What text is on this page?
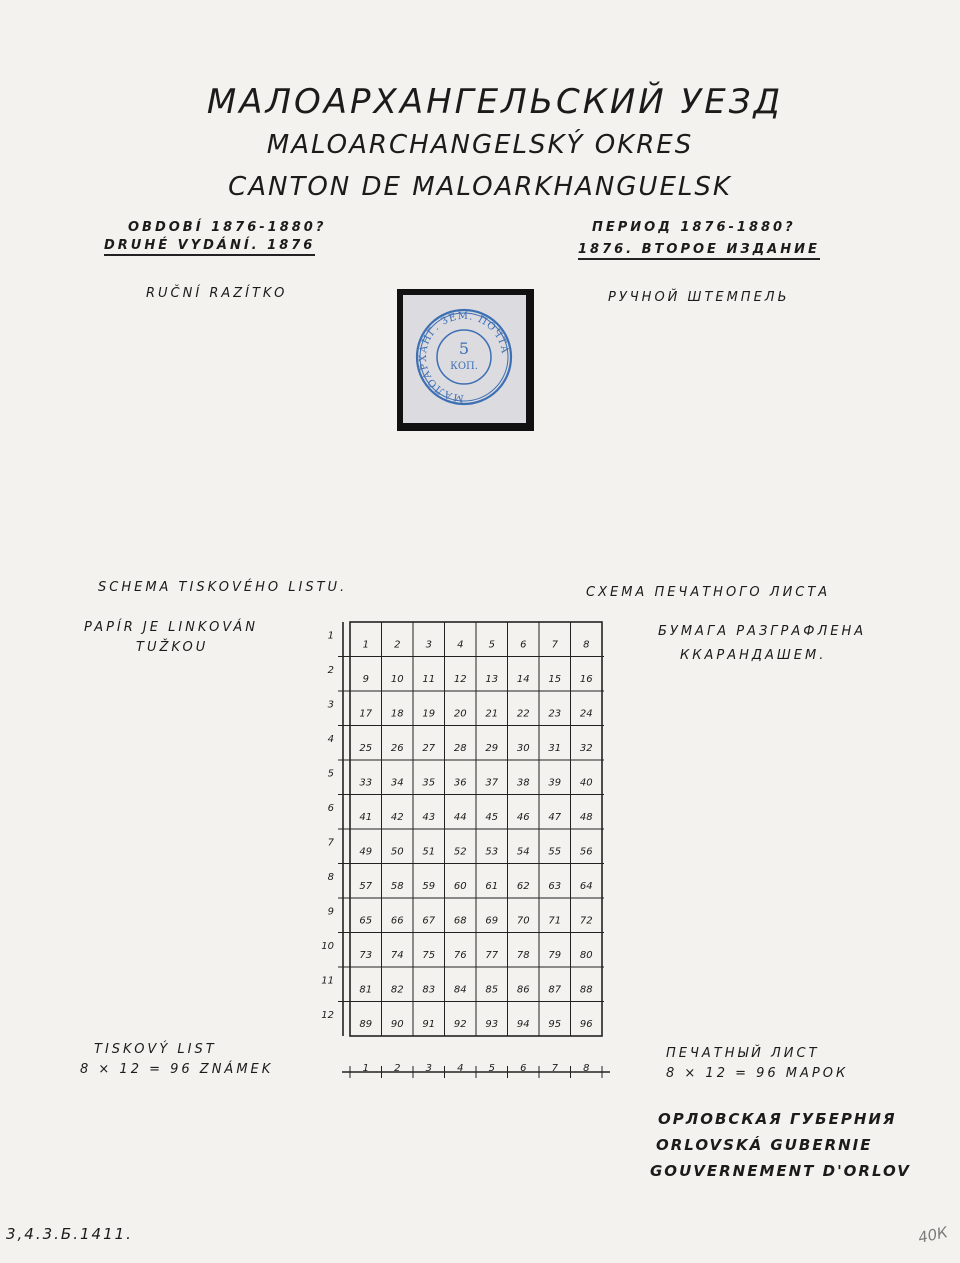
МАЛОАРХАНГЕЛЬСКИЙ УЕЗД
MALOARCHANGELSKÝ OKRES
CANTON DE MALOARKHANGUELSK
OBDOBÍ 1876-1880?
DRUHÉ VYDÁNÍ. 1876
ПЕРИОД 1876-1880?
1876. ВТОРОЕ ИЗДАНИЕ
RUČNÍ RAZÍTKO	РУЧНОЙ ШТЕМПЕЛЬ
МАЛОАРХАНГ. ЗЕМ. ПОЧТА
5
КОП.
SCHEMA TISKOVÉHO LISTU.	СХЕМА ПЕЧАТНОГО ЛИСТА
PAPÍR JE LINKOVÁN
TUŽKOU
БУМАГА РАЗГРАФЛЕНА
ККАРАНДАШЕМ.
1	2	3	4	5	6	7	8
9 10 11 12 13 14 15 16
17 18 19 20 21 22 23 24
25 26 27 28 29 30 31 32
33 34 35 36 37 38 39 40
41 42 43 44 45 46 47 48
49 50 51 52 53 54 55 56
57 58 59 60 61 62 63 64
65 66 67 68 69 70 71 72
73 74 75 76 77 78 79 80
81 82 83 84 85 86 87 88
89 90 91 92 93 94 95 96
1
2
3
4
5
6
7
8
9
10
11
12
1	2	3	4	5	6	7	8
TISKOVÝ LIST
8 × 12 = 96 ZNÁMEK
ПЕЧАТНЫЙ ЛИСТ
8 × 12 = 96 МАРОК
ОРЛОВСКАЯ ГУБЕРНИЯ
ORLOVSKÁ GUBERNIE
GOUVERNEMENT D'ORLOV
3,4.3.Б.1411.	40К
